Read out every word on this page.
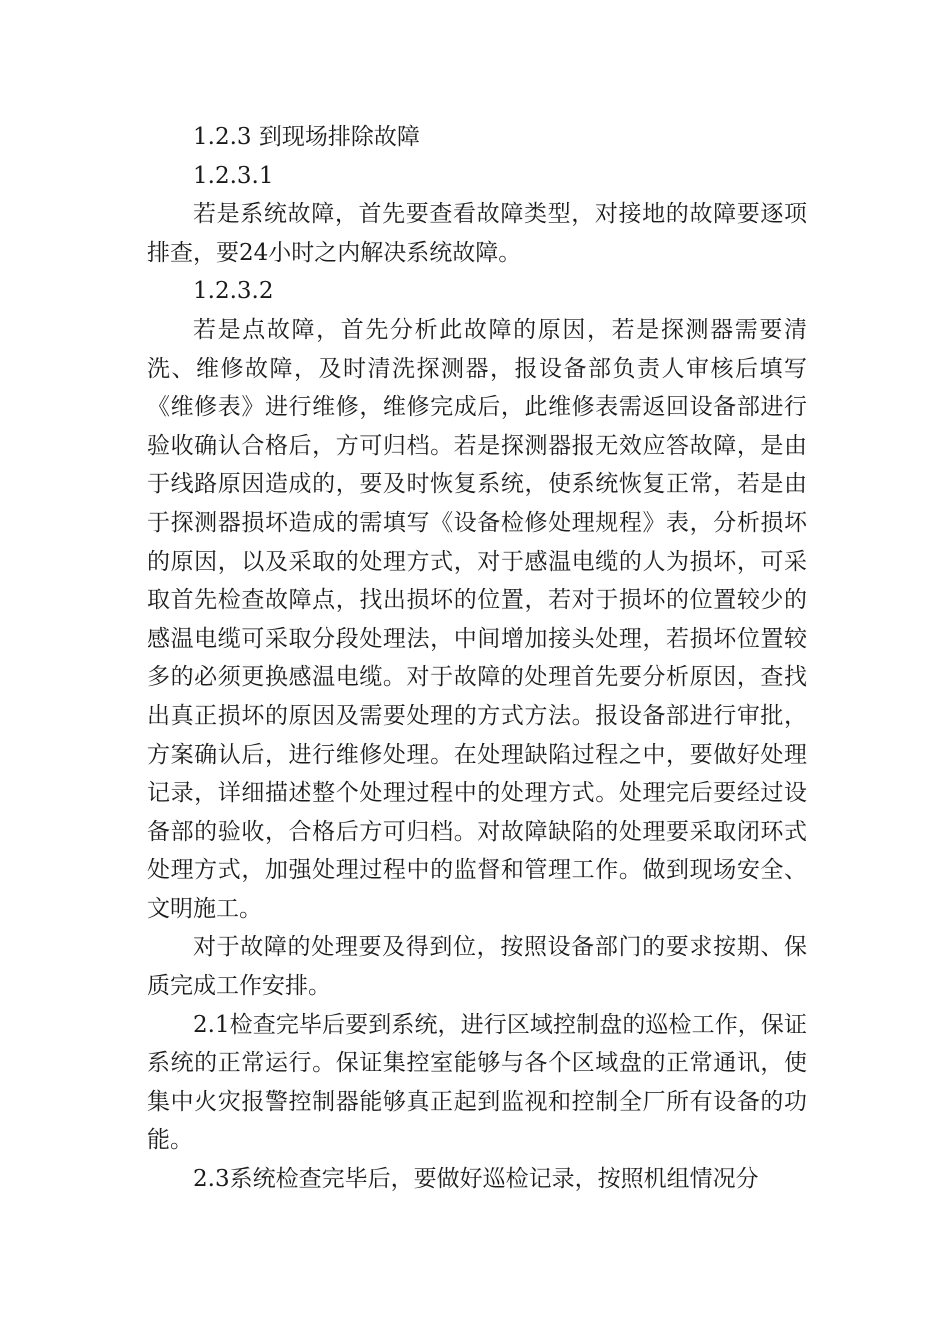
1.2.3 到现场排除故障

1.2.3.1

若是系统故障，首先要查看故障类型，对接地的故障要逐项排查，要24小时之内解决系统故障。

1.2.3.2

若是点故障，首先分析此故障的原因，若是探测器需要清洗、维修故障，及时清洗探测器，报设备部负责人审核后填写《维修表》进行维修，维修完成后，此维修表需返回设备部进行验收确认合格后，方可归档。若是探测器报无效应答故障，是由于线路原因造成的，要及时恢复系统，使系统恢复正常，若是由于探测器损坏造成的需填写《设备检修处理规程》表，分析损坏的原因，以及采取的处理方式，对于感温电缆的人为损坏，可采取首先检查故障点，找出损坏的位置，若对于损坏的位置较少的感温电缆可采取分段处理法，中间增加接头处理，若损坏位置较多的必须更换感温电缆。对于故障的处理首先要分析原因，查找出真正损坏的原因及需要处理的方式方法。报设备部进行审批，方案确认后，进行维修处理。在处理缺陷过程之中，要做好处理记录，详细描述整个处理过程中的处理方式。处理完后要经过设备部的验收，合格后方可归档。对故障缺陷的处理要采取闭环式处理方式，加强处理过程中的监督和管理工作。做到现场安全、文明施工。

对于故障的处理要及得到位，按照设备部门的要求按期、保质完成工作安排。

2.1检查完毕后要到系统，进行区域控制盘的巡检工作，保证系统的正常运行。保证集控室能够与各个区域盘的正常通讯，使集中火灾报警控制器能够真正起到监视和控制全厂所有设备的功能。

2.3系统检查完毕后，要做好巡检记录，按照机组情况分
